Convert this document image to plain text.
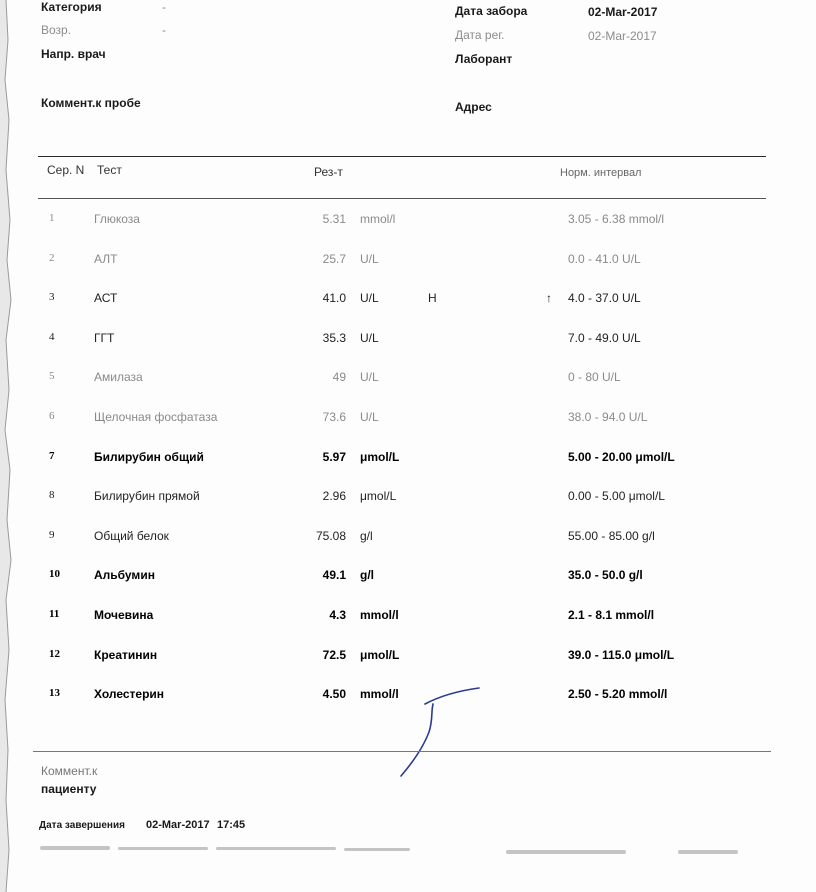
Категория	-
Возр.	-
Напр. врач
Коммент.к пробе
Дата забора	02-Mar-2017
Дата рег.	02-Mar-2017
Лаборант
Адрес
Сер. N Тест	Рез-т	Норм. интервал
1	Глюкоза	5.31 mmol/l	3.05 - 6.38 mmol/l
2	АЛТ	25.7 U/L	0.0 - 41.0 U/L
3	АСТ	41.0 U/L	H	↑ 4.0 - 37.0 U/L
4	ГГТ	35.3 U/L	7.0 - 49.0 U/L
5	Амилаза	49 U/L	0 - 80 U/L
6	Щелочная фосфатаза	73.6 U/L	38.0 - 94.0 U/L
7	Билирубин общий	5.97 μmol/L	5.00 - 20.00 μmol/L
8	Билирубин прямой	2.96 μmol/L	0.00 - 5.00 μmol/L
9	Общий белок	75.08 g/l	55.00 - 85.00 g/l
10	Альбумин	49.1 g/l	35.0 - 50.0 g/l
11	Мочевина	4.3 mmol/l	2.1 - 8.1 mmol/l
12	Креатинин	72.5 μmol/L	39.0 - 115.0 μmol/L
13	Холестерин	4.50 mmol/l	2.50 - 5.20 mmol/l
Коммент.к
пациенту
Дата завершения 02-Mar-2017 17:45
